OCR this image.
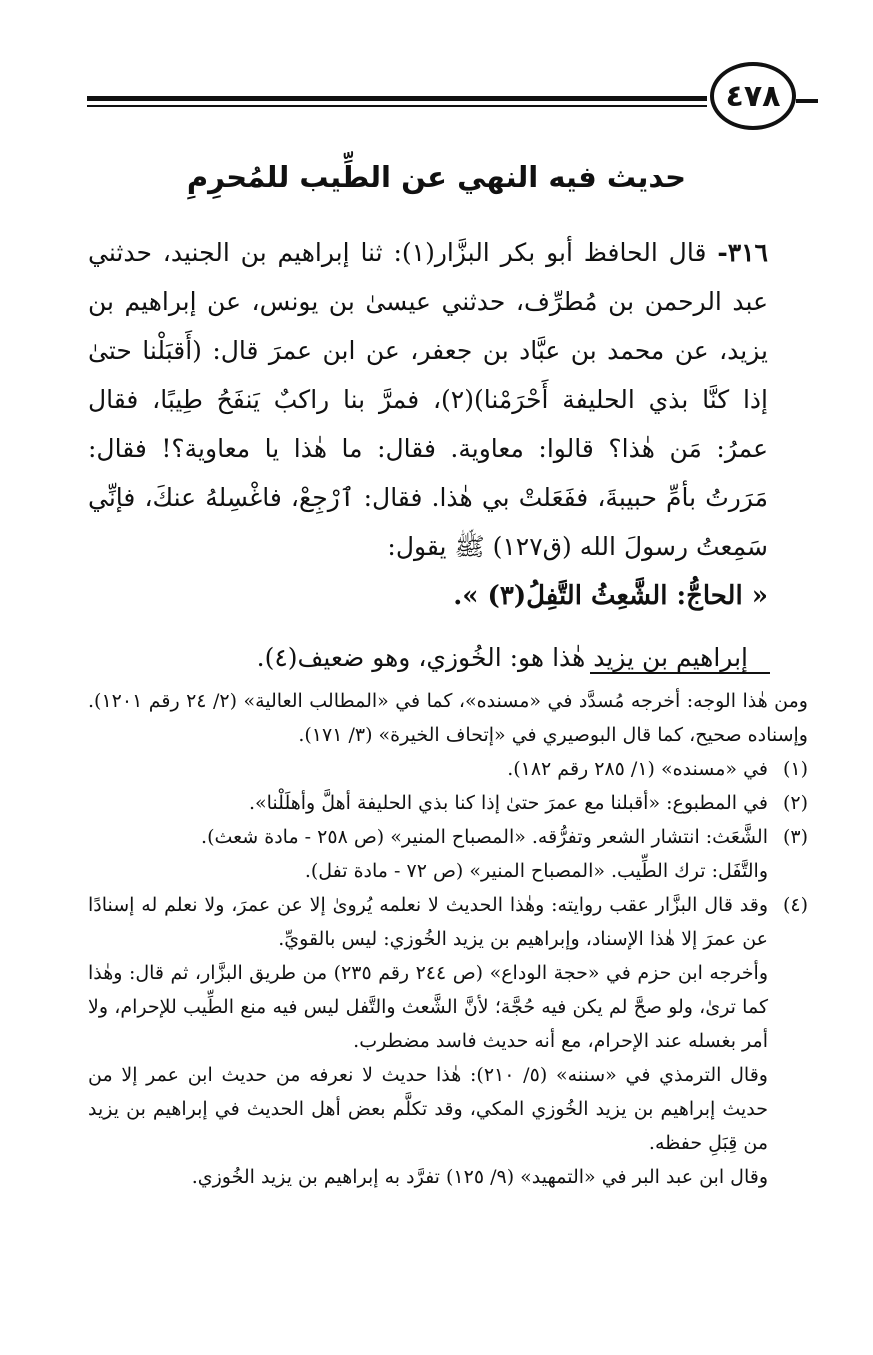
٤٧٨
حديث فيه النهي عن الطِّيب للمُحرِمِ

٣١٦- قال الحافظ أبو بكر البزَّار(١): ثنا إبراهيم بن الجنيد، حدثني عبد الرحمن بن مُطرِّف، حدثني عيسىٰ بن يونس، عن إبراهيم بن يزيد، عن محمد بن عبَّاد بن جعفر، عن ابن عمرَ قال: (أَقبَلْنا حتىٰ إذا كنَّا بذي الحليفة أَحْرَمْنا)(٢)، فمرَّ بنا راكبٌ يَنفَحُ طِيبًا، فقال عمرُ: مَن هٰذا؟ قالوا: معاوية. فقال: ما هٰذا يا معاوية؟! فقال: مَرَرتُ بأمِّ حبيبةَ، ففَعَلتْ بي هٰذا. فقال: ٱرْجِعْ، فاغْسِلهُ عنكَ، فإنِّي سَمِعتُ رسولَ الله (ق١٢٧) ﷺ يقول:

« الحاجُّ: الشَّعِثُ التَّفِلُ(٣) ».

إبراهيم بن يزيد هٰذا هو: الخُوزي، وهو ضعيف(٤).

ومن هٰذا الوجه: أخرجه مُسدَّد في «مسنده»، كما في «المطالب العالية» (٢/ ٢٤ رقم ١٢٠١). وإسناده صحيح، كما قال البوصيري في «إتحاف الخيرة» (٣/ ١٧١).

(١)

في «مسنده» (١/ ٢٨٥ رقم ١٨٢).

(٢)

في المطبوع: «أقبلنا مع عمرَ حتىٰ إذا كنا بذي الحليفة أهلَّ وأهلَلْنا».

(٣)

الشَّعَث: انتشار الشعر وتفرُّقه. «المصباح المنير» (ص ٢٥٨ - مادة شعث).

والتَّفَل: ترك الطِّيب. «المصباح المنير» (ص ٧٢ - مادة تفل).

(٤)

وقد قال البزَّار عقب روايته: وهٰذا الحديث لا نعلمه يُروىٰ إلا عن عمرَ، ولا نعلم له إسنادًا عن عمرَ إلا هٰذا الإسناد، وإبراهيم بن يزيد الخُوزي: ليس بالقويِّ.

وأخرجه ابن حزم في «حجة الوداع» (ص ٢٤٤ رقم ٢٣٥) من طريق البزَّار، ثم قال: وهٰذا كما ترىٰ، ولو صحَّ لم يكن فيه حُجَّة؛ لأنَّ الشَّعث والتَّفل ليس فيه منع الطِّيب للإحرام، ولا أمر بغسله عند الإحرام، مع أنه حديث فاسد مضطرب.

وقال الترمذي في «سننه» (٥/ ٢١٠): هٰذا حديث لا نعرفه من حديث ابن عمر إلا من حديث إبراهيم بن يزيد الخُوزي المكي، وقد تكلَّم بعض أهل الحديث في إبراهيم بن يزيد من قِبَلِ حفظه.

وقال ابن عبد البر في «التمهيد» (٩/ ١٢٥) تفرَّد به إبراهيم بن يزيد الخُوزي.
